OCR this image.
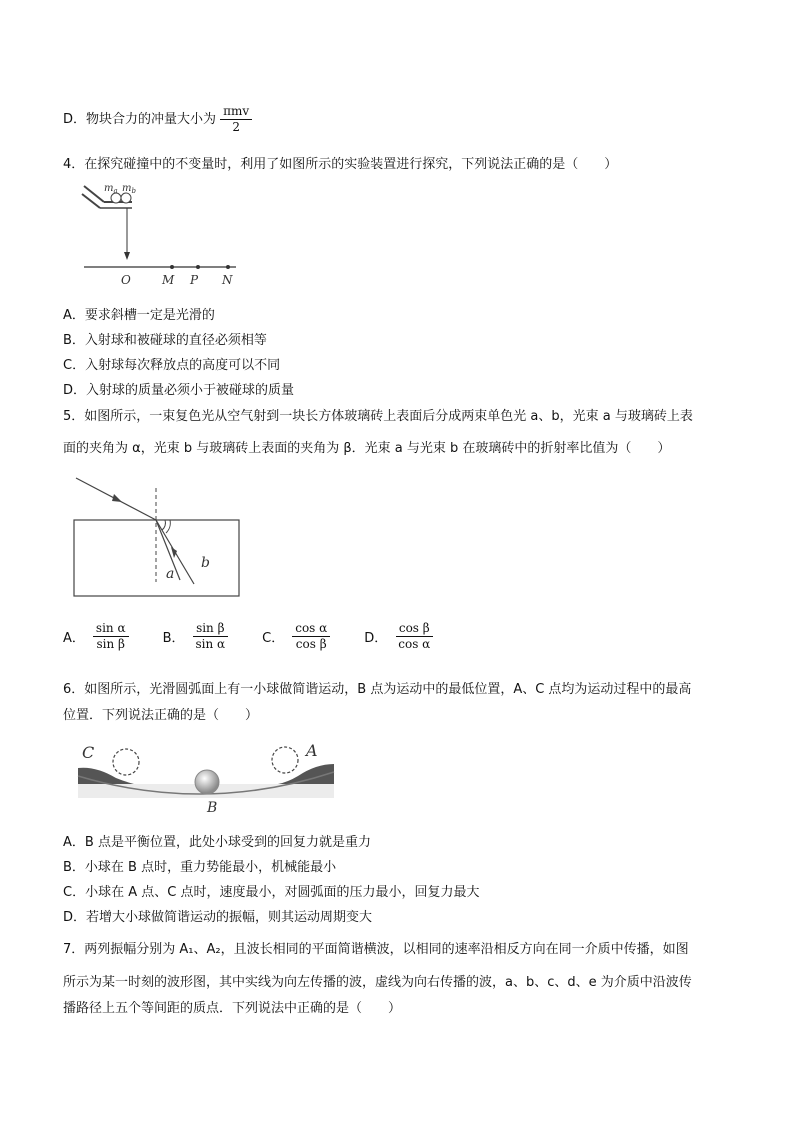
D．物块合力的冲量大小为 $\frac{\text{πmv}}{2}$
4．在探究碰撞中的不变量时，利用了如图所示的实验装置进行探究，下列说法正确的是（　　）
$m_a$ $m_b$
O	M P N
A．要求斜槽一定是光滑的
B．入射球和被碰球的直径必须相等
C．入射球每次释放点的高度可以不同
D．入射球的质量必须小于被碰球的质量
5．如图所示，一束复色光从空气射到一块长方体玻璃砖上表面后分成两束单色光 a、b，光束 a 与玻璃砖上表
面的夹角为 α，光束 b 与玻璃砖上表面的夹角为 β．光束 a 与光束 b 在玻璃砖中的折射率比值为（　　）
a
b
A． $\frac{\text{sin α}}{\text{sin β}}$	B． $\frac{\text{sin β}}{\text{sin α}}$	C． $\frac{\text{cos α}}{\text{cos β}}$	D． $\frac{\text{cos β}}{\text{cos α}}$
6．如图所示，光滑圆弧面上有一小球做简谐运动，B 点为运动中的最低位置，A、C 点均为运动过程中的最高
位置．下列说法正确的是（　　）
C	A
B
A．B 点是平衡位置，此处小球受到的回复力就是重力
B．小球在 B 点时，重力势能最小，机械能最小
C．小球在 A 点、C 点时，速度最小，对圆弧面的压力最小，回复力最大
D．若增大小球做简谐运动的振幅，则其运动周期变大
7．两列振幅分别为 A₁、A₂，且波长相同的平面简谐横波，以相同的速率沿相反方向在同一介质中传播，如图
所示为某一时刻的波形图，其中实线为向左传播的波，虚线为向右传播的波，a、b、c、d、e 为介质中沿波传
播路径上五个等间距的质点．下列说法中正确的是（　　）
